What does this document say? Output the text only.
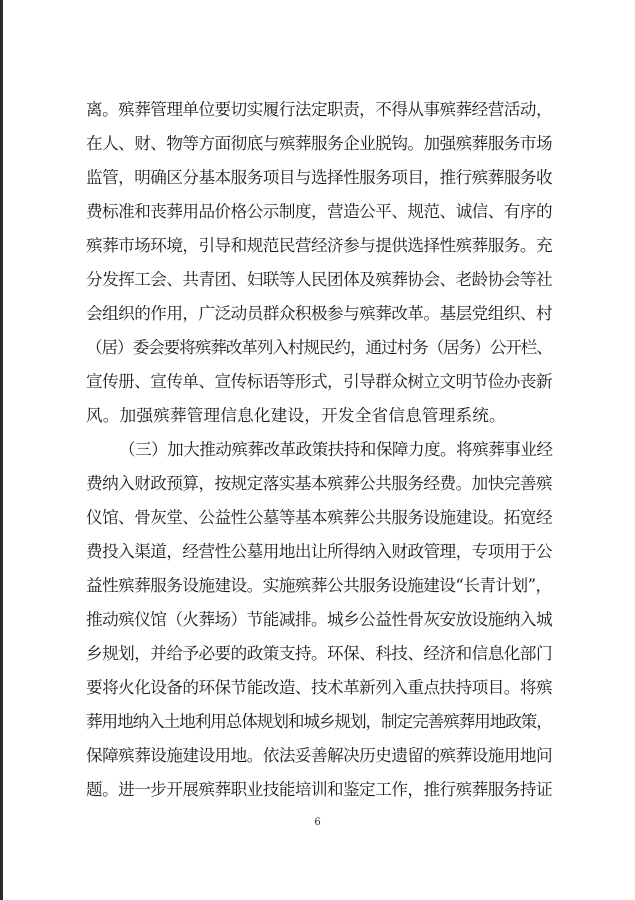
离。殡葬管理单位要切实履行法定职责，不得从事殡葬经营活动，
在人、财、物等方面彻底与殡葬服务企业脱钩。加强殡葬服务市场
监管，明确区分基本服务项目与选择性服务项目，推行殡葬服务收
费标准和丧葬用品价格公示制度，营造公平、规范、诚信、有序的
殡葬市场环境，引导和规范民营经济参与提供选择性殡葬服务。充
分发挥工会、共青团、妇联等人民团体及殡葬协会、老龄协会等社
会组织的作用，广泛动员群众积极参与殡葬改革。基层党组织、村
（居）委会要将殡葬改革列入村规民约，通过村务（居务）公开栏、
宣传册、宣传单、宣传标语等形式，引导群众树立文明节俭办丧新
风。加强殡葬管理信息化建设，开发全省信息管理系统。
（三）加大推动殡葬改革政策扶持和保障力度。将殡葬事业经
费纳入财政预算，按规定落实基本殡葬公共服务经费。加快完善殡
仪馆、骨灰堂、公益性公墓等基本殡葬公共服务设施建设。拓宽经
费投入渠道，经营性公墓用地出让所得纳入财政管理，专项用于公
益性殡葬服务设施建设。实施殡葬公共服务设施建设“长青计划”，
推动殡仪馆（火葬场）节能减排。城乡公益性骨灰安放设施纳入城
乡规划，并给予必要的政策支持。环保、科技、经济和信息化部门
要将火化设备的环保节能改造、技术革新列入重点扶持项目。将殡
葬用地纳入土地利用总体规划和城乡规划，制定完善殡葬用地政策，
保障殡葬设施建设用地。依法妥善解决历史遗留的殡葬设施用地问
题。进一步开展殡葬职业技能培训和鉴定工作，推行殡葬服务持证
6
